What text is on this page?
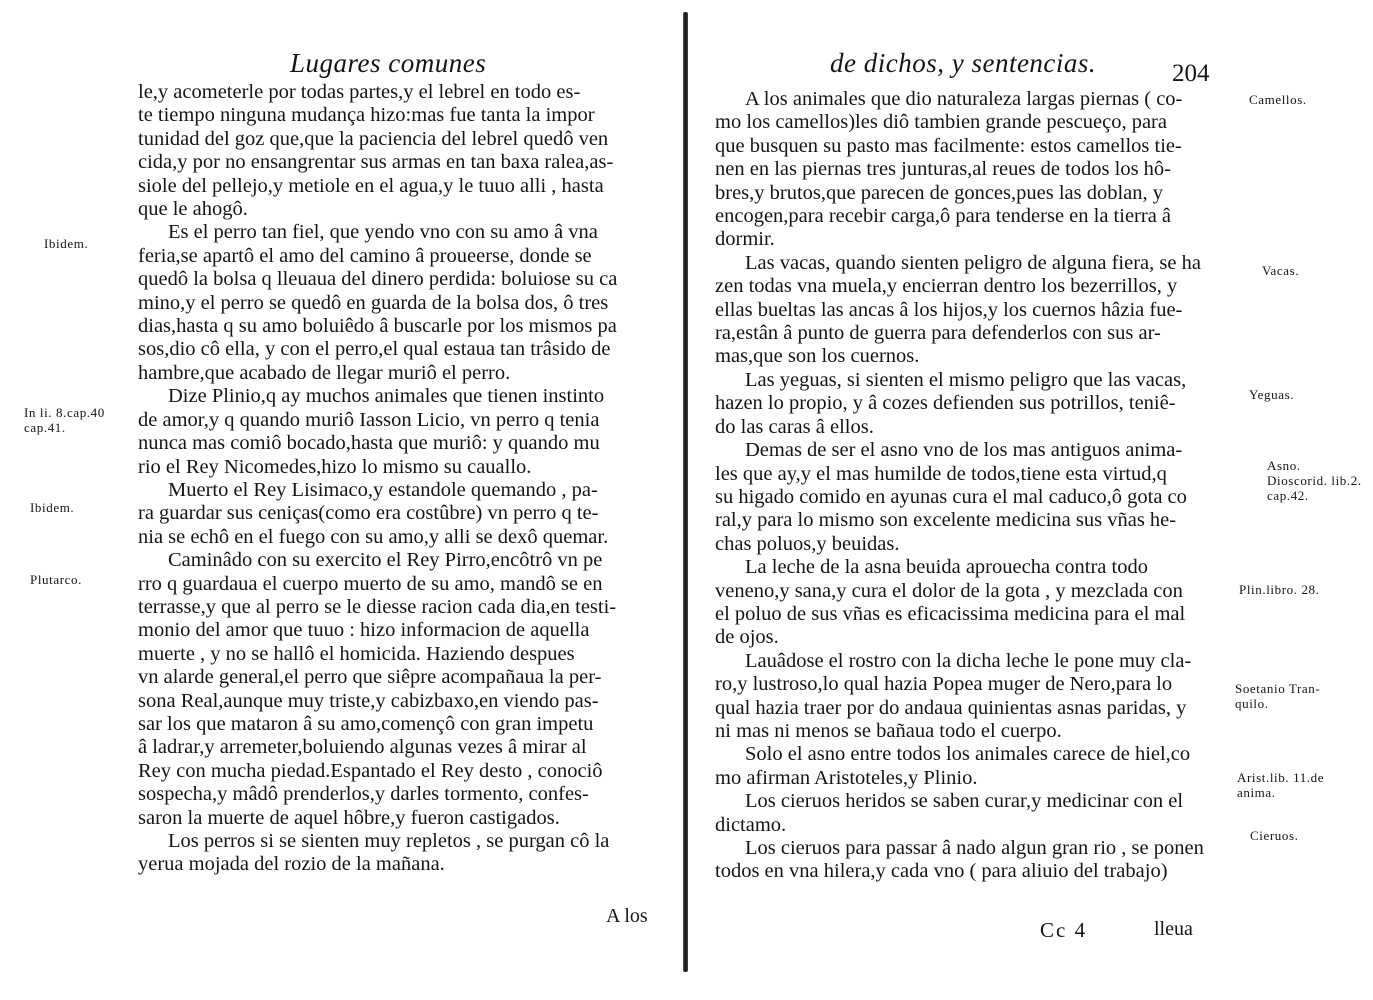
Lugares comunes
le,y acometerle por todas partes,y el lebrel en todo es-
te tiempo ninguna mudança hizo:mas fue tanta la impor
tunidad del goz que,que la paciencia del lebrel quedô ven
cida,y por no ensangrentar sus armas en tan baxa ralea,as-
siole del pellejo,y metiole en el agua,y le tuuo alli , hasta
que le ahogô.
Es el perro tan fiel, que yendo vno con su amo â vna
feria,se apartô el amo del camino â proueerse, donde se
quedô la bolsa q lleuaua del dinero perdida: boluiose su ca
mino,y el perro se quedô en guarda de la bolsa dos, ô tres
dias,hasta q su amo boluiêdo â buscarle por los mismos pa
sos,dio cô ella, y con el perro,el qual estaua tan trâsido de
hambre,que acabado de llegar muriô el perro.
Dize Plinio,q ay muchos animales que tienen instinto
de amor,y q quando muriô Iasson Licio, vn perro q tenia
nunca mas comiô bocado,hasta que muriô: y quando mu
rio el Rey Nicomedes,hizo lo mismo su cauallo.
Muerto el Rey Lisimaco,y estandole quemando , pa-
ra guardar sus ceniças(como era costûbre) vn perro q te-
nia se echô en el fuego con su amo,y alli se dexô quemar.
Caminâdo con su exercito el Rey Pirro,encôtrô vn pe
rro q guardaua el cuerpo muerto de su amo, mandô se en
terrasse,y que al perro se le diesse racion cada dia,en testi-
monio del amor que tuuo : hizo informacion de aquella
muerte , y no se hallô el homicida. Haziendo despues
vn alarde general,el perro que siêpre acompañaua la per-
sona Real,aunque muy triste,y cabizbaxo,en viendo pas-
sar los que mataron â su amo,començô con gran impetu
â ladrar,y arremeter,boluiendo algunas vezes â mirar al
Rey con mucha piedad.Espantado el Rey desto , conociô
sospecha,y mâdô prenderlos,y darles tormento, confes-
saron la muerte de aquel hôbre,y fueron castigados.
Los perros si se sienten muy repletos , se purgan cô la
yerua mojada del rozio de la mañana.
Ibidem.
In li. 8.cap.40
cap.41.
Ibidem.
Plutarco.
A los
de dichos, y sentencias.	204
A los animales que dio naturaleza largas piernas ( co-
mo los camellos)les diô tambien grande pescueço, para
que busquen su pasto mas facilmente: estos camellos tie-
nen en las piernas tres junturas,al reues de todos los hô-
bres,y brutos,que parecen de gonces,pues las doblan, y
encogen,para recebir carga,ô para tenderse en la tierra â
dormir.
Las vacas, quando sienten peligro de alguna fiera, se ha
zen todas vna muela,y encierran dentro los bezerrillos, y
ellas bueltas las ancas â los hijos,y los cuernos hâzia fue-
ra,estân â punto de guerra para defenderlos con sus ar-
mas,que son los cuernos.
Las yeguas, si sienten el mismo peligro que las vacas,
hazen lo propio, y â cozes defienden sus potrillos, teniê-
do las caras â ellos.
Demas de ser el asno vno de los mas antiguos anima-
les que ay,y el mas humilde de todos,tiene esta virtud,q
su higado comido en ayunas cura el mal caduco,ô gota co
ral,y para lo mismo son excelente medicina sus vñas he-
chas poluos,y beuidas.
La leche de la asna beuida aprouecha contra todo
veneno,y sana,y cura el dolor de la gota , y mezclada con
el poluo de sus vñas es eficacissima medicina para el mal
de ojos.
Lauâdose el rostro con la dicha leche le pone muy cla-
ro,y lustroso,lo qual hazia Popea muger de Nero,para lo
qual hazia traer por do andaua quinientas asnas paridas, y
ni mas ni menos se bañaua todo el cuerpo.
Solo el asno entre todos los animales carece de hiel,co
mo afirman Aristoteles,y Plinio.
Los cieruos heridos se saben curar,y medicinar con el
dictamo.
Los cieruos para passar â nado algun gran rio , se ponen
todos en vna hilera,y cada vno ( para aliuio del trabajo)
Camellos.
Vacas.
Yeguas.
Asno.
Dioscorid. lib.2.
cap.42.
Plin.libro. 28.
Soetanio Tran-
quilo.
Arist.lib. 11.de
anima.
Cieruos.
Cc 4	lleua
